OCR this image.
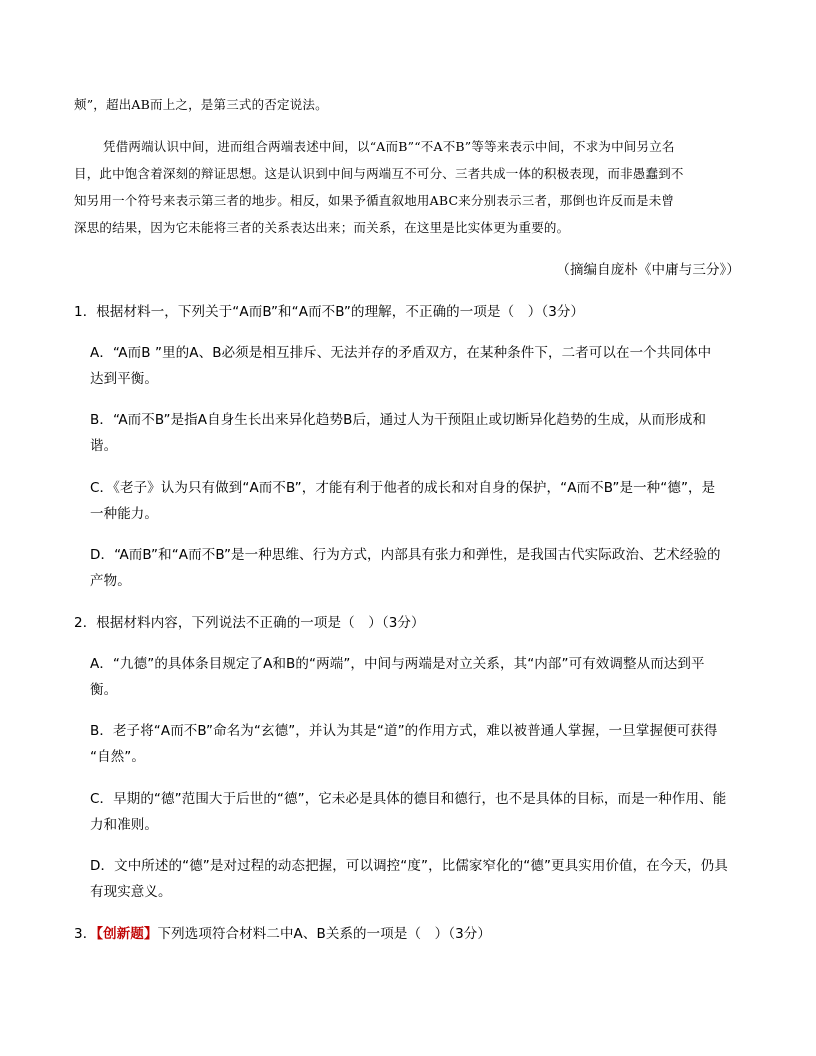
颊”，超出AB而上之，是第三式的否定说法。
凭借两端认识中间，进而组合两端表述中间，以“A而B”“不A不B”等等来表示中间，不求为中间另立名
目，此中饱含着深刻的辩证思想。这是认识到中间与两端互不可分、三者共成一体的积极表现，而非愚蠢到不
知另用一个符号来表示第三者的地步。相反，如果予循直叙地用ABC来分别表示三者，那倒也许反而是未曾
深思的结果，因为它未能将三者的关系表达出来；而关系，在这里是比实体更为重要的。
（摘编自庞朴《中庸与三分》）
1．根据材料一，下列关于“A而B”和“A而不B”的理解，不正确的一项是（　）（3分）
A．“A而B ”里的A、B必须是相互排斥、无法并存的矛盾双方，在某种条件下，二者可以在一个共同体中
达到平衡。
B．“A而不B”是指A自身生长出来异化趋势B后，通过人为干预阻止或切断异化趋势的生成，从而形成和
谐。
C．《老子》认为只有做到“A而不B”，才能有利于他者的成长和对自身的保护，“A而不B”是一种“德”，是
一种能力。
D．“A而B”和“A而不B”是一种思维、行为方式，内部具有张力和弹性，是我国古代实际政治、艺术经验的
产物。
2．根据材料内容，下列说法不正确的一项是（　）（3分）
A．“九德”的具体条目规定了A和B的“两端”，中间与两端是对立关系，其“内部”可有效调整从而达到平
衡。
B．老子将“A而不B”命名为“玄德”，并认为其是“道”的作用方式，难以被普通人掌握，一旦掌握便可获得
“自然”。
C．早期的“德”范围大于后世的“德”，它未必是具体的德目和德行，也不是具体的目标，而是一种作用、能
力和准则。
D．文中所述的“德”是对过程的动态把握，可以调控“度”，比儒家窄化的“德”更具实用价值，在今天，仍具
有现实意义。
3．【创新题】下列选项符合材料二中A、B关系的一项是（　）（3分）
